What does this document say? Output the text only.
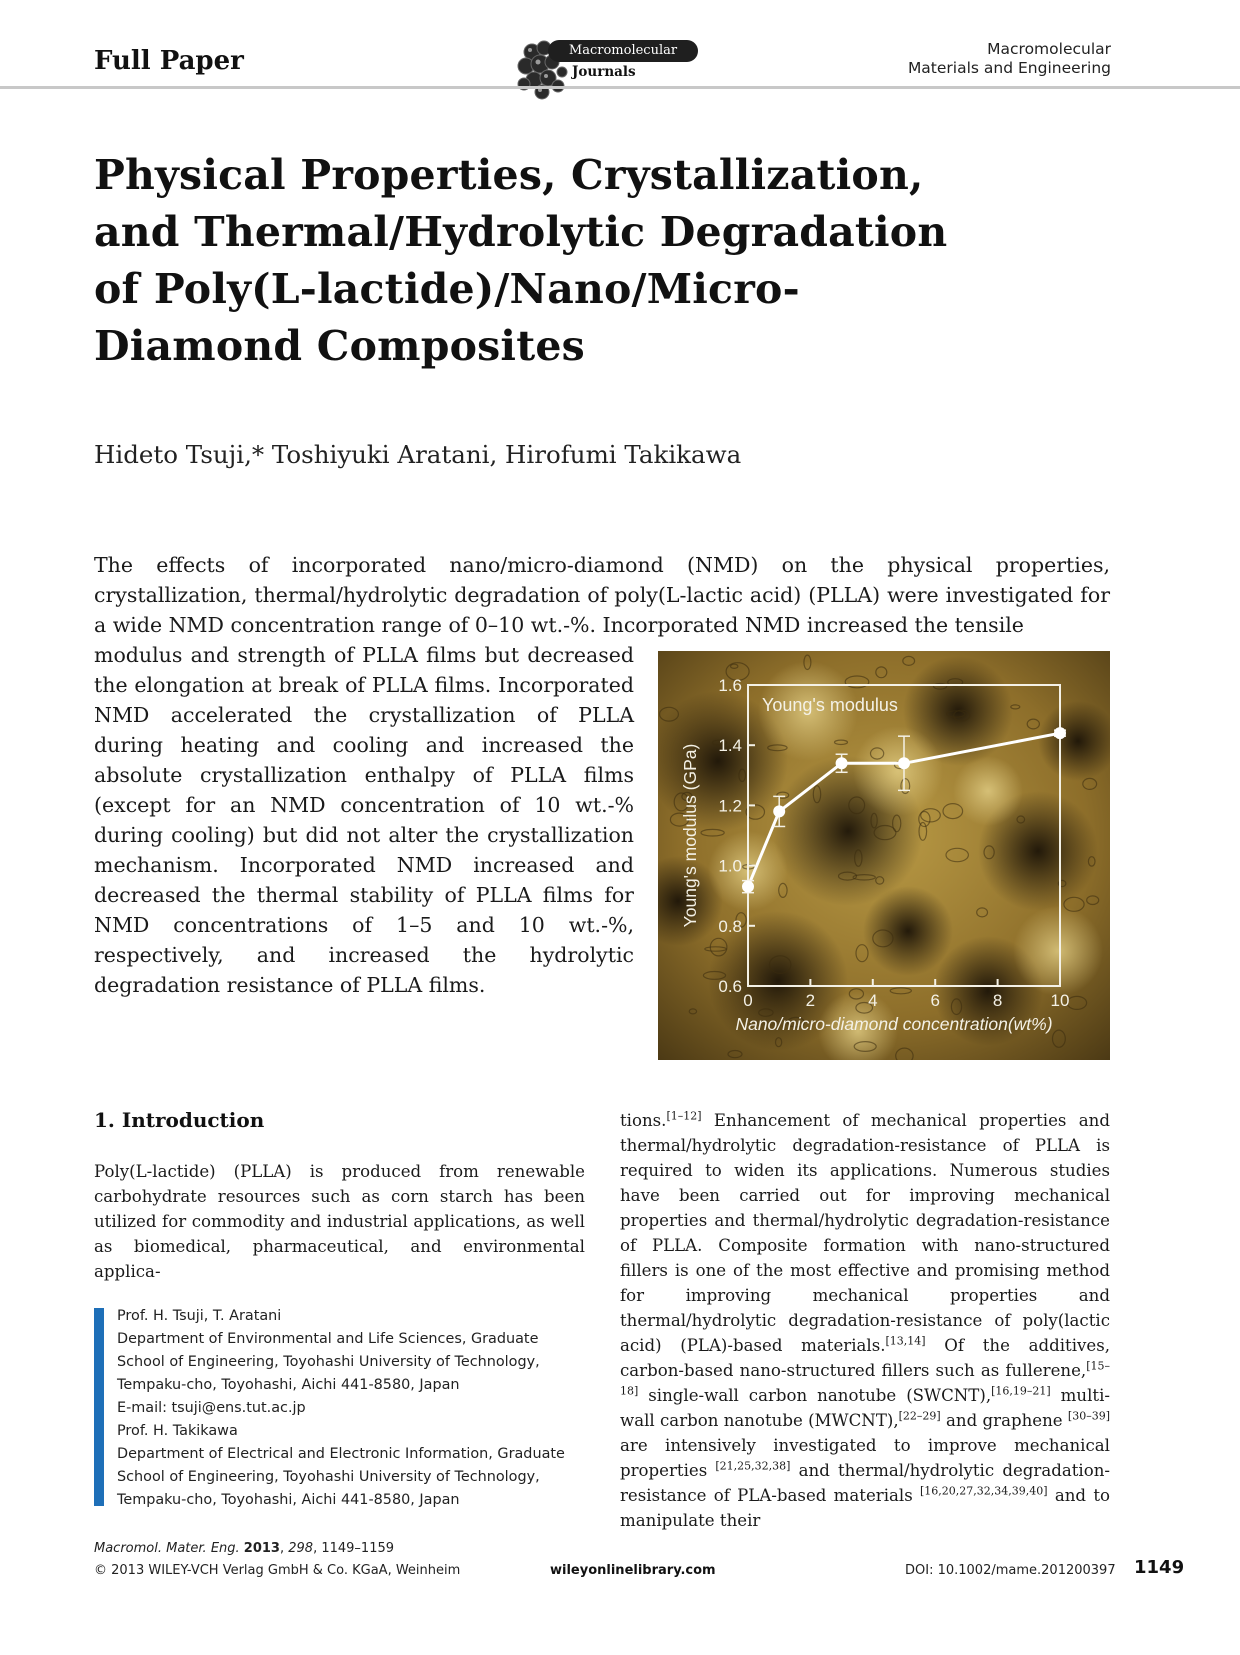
Full Paper	Macromolecular
Journals
Macromolecular
Materials and Engineering
Physical Properties, Crystallization, and Thermal/Hydrolytic Degradation of Poly(L-lactide)/Nano/Micro-Diamond Composites
Hideto Tsuji,* Toshiyuki Aratani, Hirofumi Takikawa
The effects of incorporated nano/micro-diamond (NMD) on the physical properties, crystallization, thermal/hydrolytic degradation of poly(L-lactic acid) (PLLA) were investigated for a wide NMD concentration range of 0–10 wt.-%. Incorporated NMD increased the tensile
modulus and strength of PLLA films but decreased the elongation at break of PLLA films. Incorporated NMD accelerated the crystallization of PLLA during heating and cooling and increased the absolute crystallization enthalpy of PLLA films (except for an NMD concentration of 10 wt.-% during cooling) but did not alter the crystallization mechanism. Incorporated NMD increased and decreased the thermal stability of PLLA films for NMD concentrations of 1–5 and 10 wt.-%, respectively, and increased the hydrolytic degradation resistance of PLLA films.	0.6
0.8
1.0
1.2
1.4
1.6
0	2	4	6	8	10
Nano/micro-diamond concentration(wt%)
Young's modulus (GPa)
Young's modulus
1. Introduction
Poly(L-lactide) (PLLA) is produced from renewable carbohydrate resources such as corn starch has been utilized for commodity and industrial applications, as well as biomedical, pharmaceutical, and environmental applica-
tions.[1–12] Enhancement of mechanical properties and thermal/hydrolytic degradation-resistance of PLLA is required to widen its applications. Numerous studies have been carried out for improving mechanical properties and thermal/hydrolytic degradation-resistance of PLLA. Composite formation with nano-structured fillers is one of the most effective and promising method for improving mechanical properties and thermal/hydrolytic degradation-resistance of poly(lactic acid) (PLA)-based materials.[13,14] Of the additives, carbon-based nano-structured fillers such as fullerene,[15–18] single-wall carbon nanotube (SWCNT),[16,19–21] multi-wall carbon nanotube (MWCNT),[22–29] and graphene [30–39] are intensively investigated to improve mechanical properties [21,25,32,38] and thermal/hydrolytic degradation-resistance of PLA-based materials [16,20,27,32,34,39,40] and to manipulate their
Prof. H. Tsuji, T. Aratani
Department of Environmental and Life Sciences, Graduate
School of Engineering, Toyohashi University of Technology,
Tempaku-cho, Toyohashi, Aichi 441-8580, Japan
E-mail: tsuji@ens.tut.ac.jp
Prof. H. Takikawa
Department of Electrical and Electronic Information, Graduate
School of Engineering, Toyohashi University of Technology,
Tempaku-cho, Toyohashi, Aichi 441-8580, Japan
Macromol. Mater. Eng. 2013, 298, 1149–1159
© 2013 WILEY-VCH Verlag GmbH & Co. KGaA, Weinheim	wileyonlinelibrary.com	DOI: 10.1002/mame.201200397 1149
